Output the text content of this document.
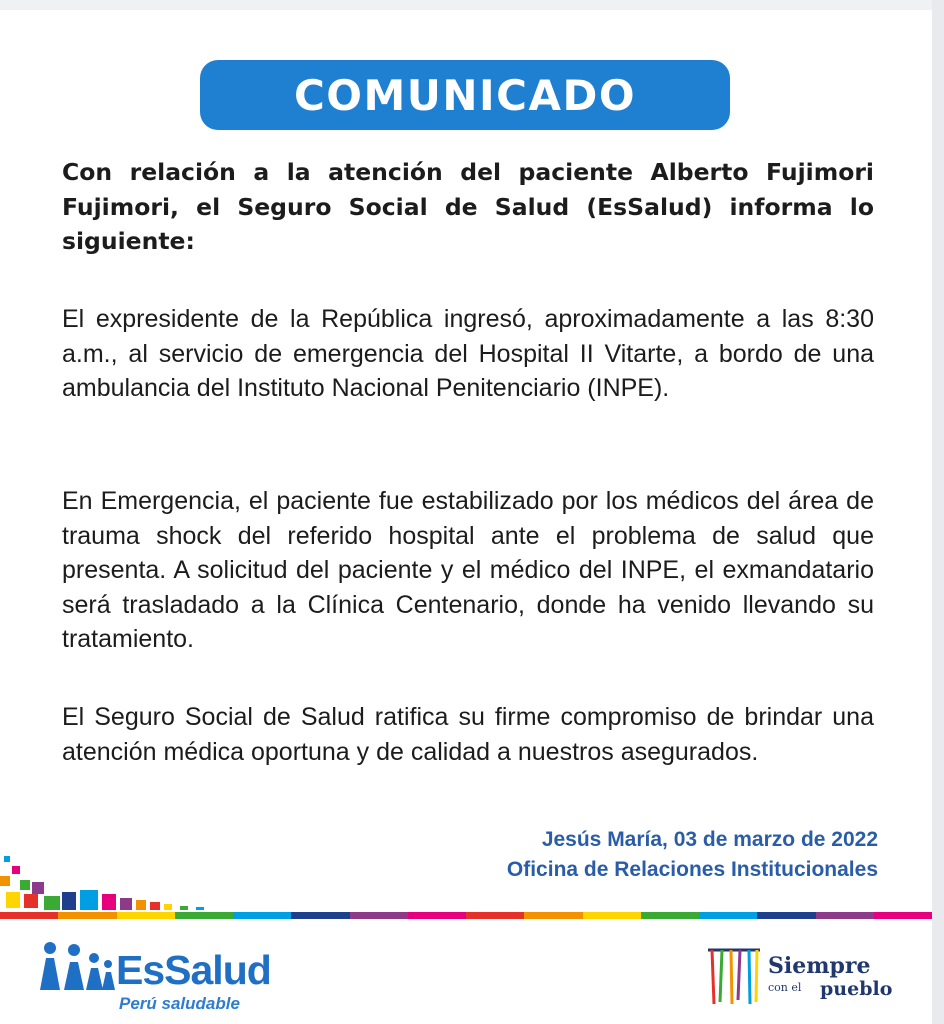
COMUNICADO
Con relación a la atención del paciente Alberto Fujimori Fujimori, el Seguro Social de Salud (EsSalud) informa lo siguiente:
El expresidente de la República ingresó, aproximadamente a las 8:30 a.m., al servicio de emergencia del Hospital II Vitarte, a bordo de una ambulancia del Instituto Nacional Penitenciario (INPE).
En Emergencia, el paciente fue estabilizado por los médicos del área de trauma shock del referido hospital ante el problema de salud que presenta. A solicitud del paciente y el médico del INPE, el exmandatario será trasladado a la Clínica Centenario, donde ha venido llevando su tratamiento.
El Seguro Social de Salud ratifica su firme compromiso de brindar una atención médica oportuna y de calidad a nuestros asegurados.
Jesús María, 03 de marzo de 2022
Oficina de Relaciones Institucionales
EsSalud
Perú saludable
Siempre
con el pueblo
